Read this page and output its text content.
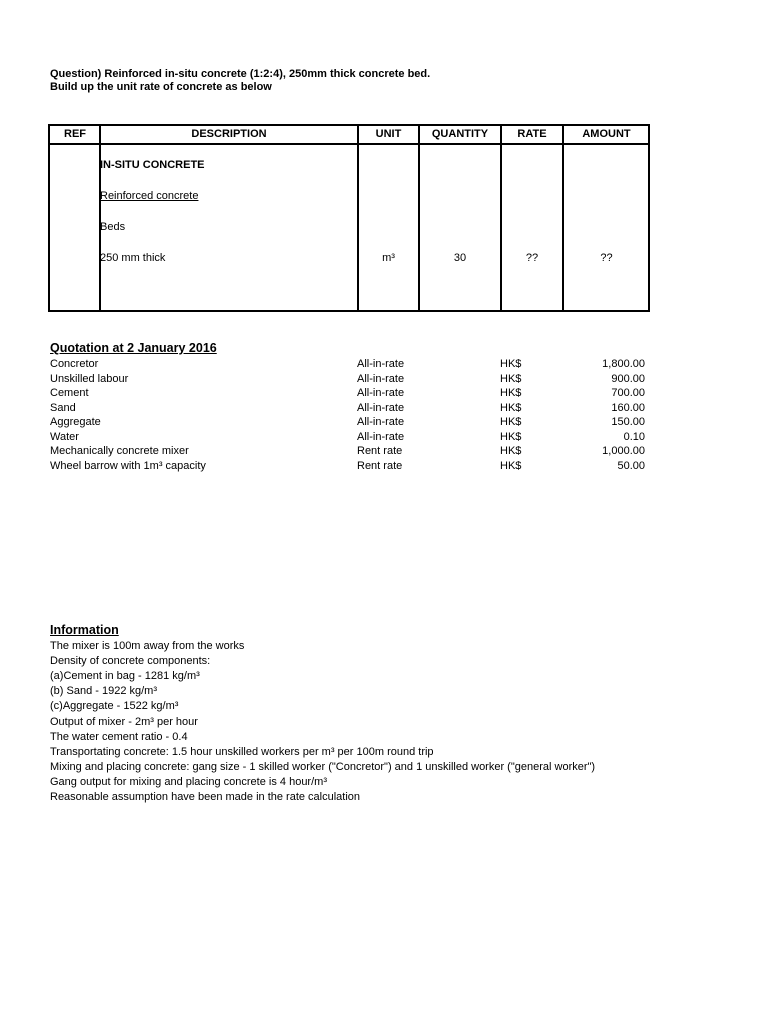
Question) Reinforced in-situ concrete (1:2:4), 250mm thick concrete bed.
Build up the unit rate of concrete as below
REF	DESCRIPTION	UNIT	QUANTITY	RATE	AMOUNT
IN-SITU CONCRETE
Reinforced concrete
Beds
250 mm thick	m³	30	??	??
Quotation at 2 January 2016
Concretor	All-in-rate	HK$	1,800.00
Unskilled labour	All-in-rate	HK$	900.00
Cement	All-in-rate	HK$	700.00
Sand	All-in-rate	HK$	160.00
Aggregate	All-in-rate	HK$	150.00
Water	All-in-rate	HK$	0.10
Mechanically concrete mixer	Rent rate	HK$	1,000.00
Wheel barrow with 1m³ capacity	Rent rate	HK$	50.00
Information
The mixer is 100m away from the works
Density of concrete components:
(a)Cement in bag - 1281 kg/m³
(b) Sand - 1922 kg/m³
(c)Aggregate - 1522 kg/m³
Output of mixer - 2m³ per hour
The water cement ratio - 0.4
Transportating concrete: 1.5 hour unskilled workers per m³ per 100m round trip
Mixing and placing concrete: gang size - 1 skilled worker ("Concretor") and 1 unskilled worker ("general worker")
Gang output for mixing and placing concrete is 4 hour/m³
Reasonable assumption have been made in the rate calculation
